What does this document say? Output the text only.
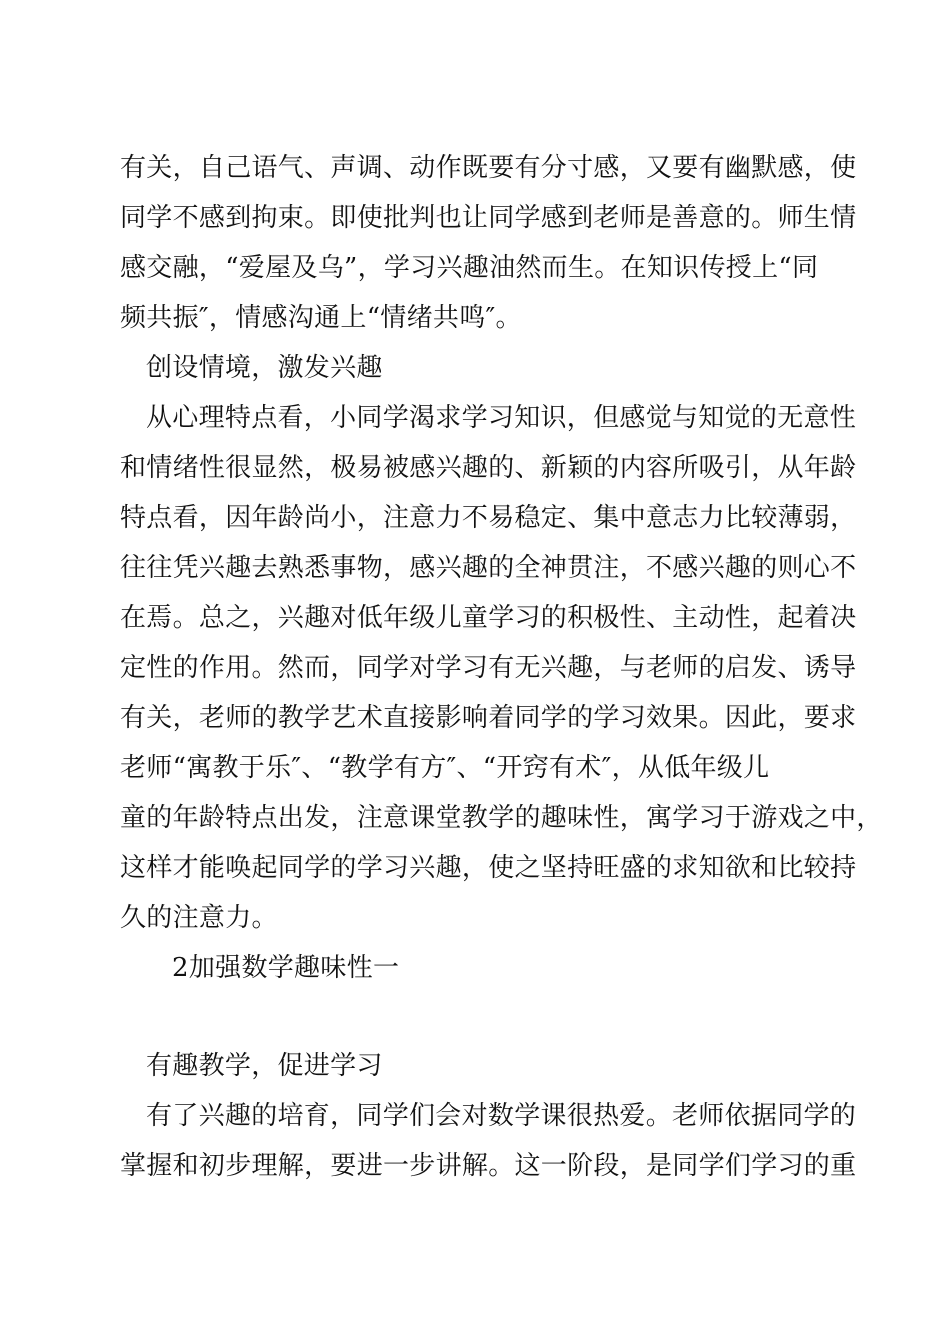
有关，自己语气、声调、动作既要有分寸感，又要有幽默感，使
同学不感到拘束。即使批判也让同学感到老师是善意的。师生情
感交融，“爱屋及乌”，学习兴趣油然而生。在知识传授上“同
频共振″，情感沟通上“情绪共鸣″。
创设情境，激发兴趣
从心理特点看，小同学渴求学习知识，但感觉与知觉的无意性
和情绪性很显然，极易被感兴趣的、新颖的内容所吸引，从年龄
特点看，因年龄尚小，注意力不易稳定、集中意志力比较薄弱，
往往凭兴趣去熟悉事物，感兴趣的全神贯注，不感兴趣的则心不
在焉。总之，兴趣对低年级儿童学习的积极性、主动性，起着决
定性的作用。然而，同学对学习有无兴趣，与老师的启发、诱导
有关，老师的教学艺术直接影响着同学的学习效果。因此，要求
老师“寓教于乐″、“教学有方″、“开窍有术″，从低年级儿
童的年龄特点出发，注意课堂教学的趣味性，寓学习于游戏之中，
这样才能唤起同学的学习兴趣，使之坚持旺盛的求知欲和比较持
久的注意力。
2加强数学趣味性一
有趣教学，促进学习
有了兴趣的培育，同学们会对数学课很热爱。老师依据同学的
掌握和初步理解，要进一步讲解。这一阶段，是同学们学习的重
